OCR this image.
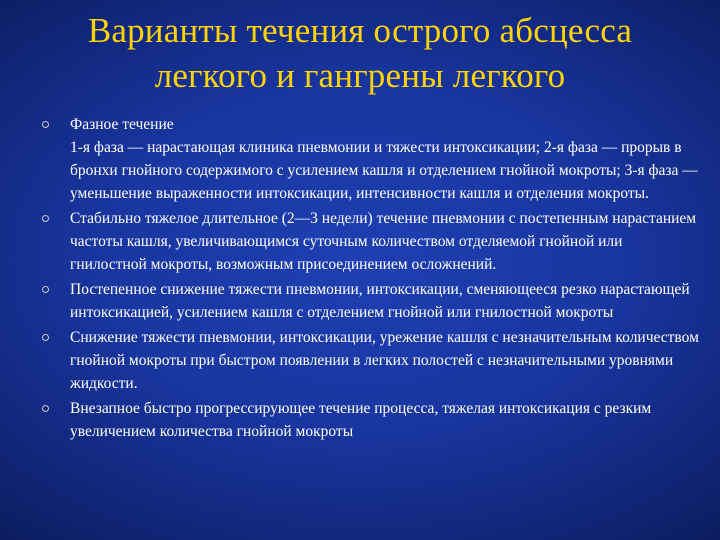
Варианты течения острого абсцесса
легкого и гангрены легкого
Фазное течение
1-я фаза — нарастающая клиника пневмонии и тяжести интоксикации; 2-я фаза — прорыв в бронхи гнойного содержимого с усилением кашля и отделением гнойной мокроты; 3-я фаза — уменьшение выраженности интоксикации, интенсивности кашля и отделения мокроты.
Стабильно тяжелое длительное (2—3 недели) течение пневмонии с постепенным нарастанием частоты кашля, увеличивающимся суточным количеством отделяемой гнойной или гнилостной мокроты, возможным присоединением осложнений.
Постепенное снижение тяжести пневмонии, интоксикации, сменяющееся резко нарастающей интоксикацией, усилением кашля с отделением гнойной или гнилостной мокроты
Снижение тяжести пневмонии, интоксикации, урежение кашля с незначительным количеством гнойной мокроты при быстром появлении в легких полостей с незначительными уровнями жидкости.
Внезапное быстро прогрессирующее течение процесса, тяжелая интоксикация с резким увеличением количества гнойной мокроты
